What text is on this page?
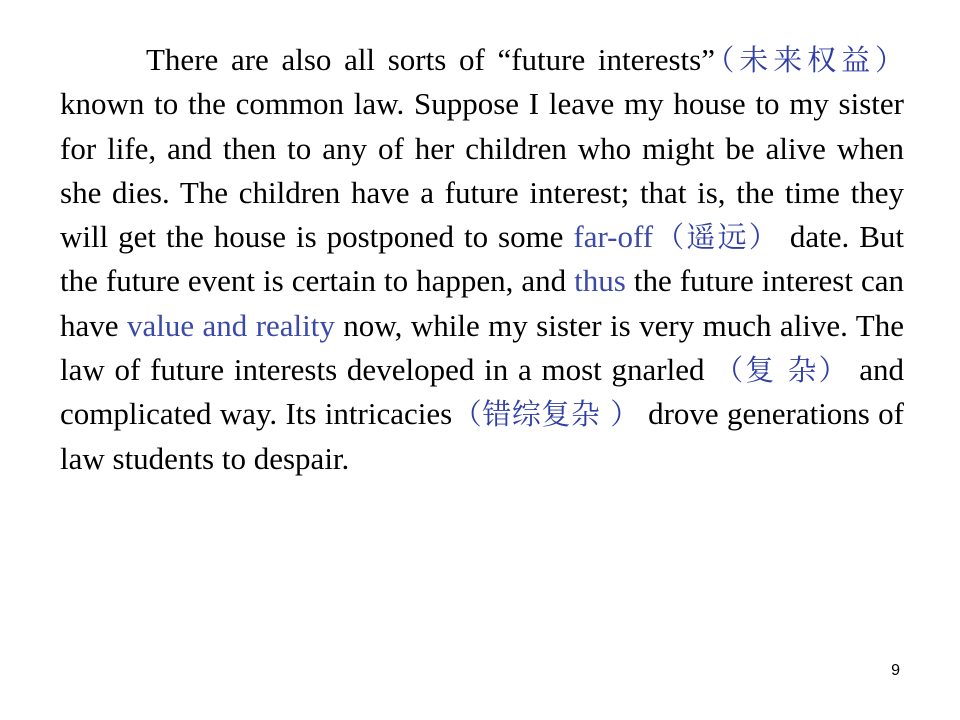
There are also all sorts of “future interests”（未来权益） known to the common law. Suppose I leave my house to my sister for life, and then to any of her children who might be alive when she dies. The children have a future interest; that is, the time they will get the house is postponed to some far-off（遥远） date. But the future event is certain to happen, and thus the future interest can have value and reality now, while my sister is very much alive. The law of future interests developed in a most gnarled （复 杂） and complicated way. Its intricacies（错综复杂 ） drove generations of law students to despair.

9
